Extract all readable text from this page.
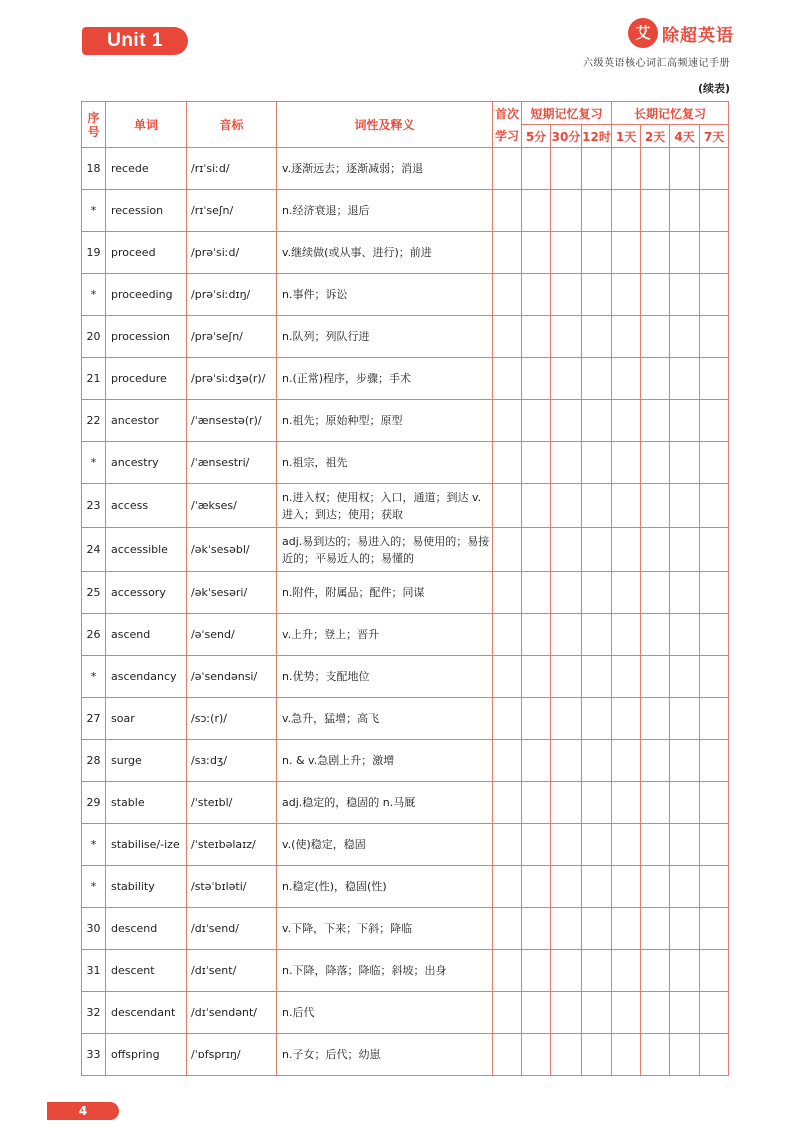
Unit 1	艾 除超英语
六级英语核心词汇高频速记手册
(续表)
序号	单词	音标	词性及释义	首次	短期记忆复习			长期记忆复习			
				学习	5分	30分	12时	1天	2天	4天	7天
18	recede	/rɪˈsiːd/	v.逐渐远去；逐渐减弱；消退								
*	recession	/rɪˈseʃn/	n.经济衰退；退后								
19	proceed	/prəˈsiːd/	v.继续做(或从事、进行)；前进								
*	proceeding	/prəˈsiːdɪŋ/	n.事件；诉讼								
20	procession	/prəˈseʃn/	n.队列；列队行进								
21	procedure	/prəˈsiːdʒə(r)/	n.(正常)程序，步骤；手术								
22	ancestor	/ˈænsestə(r)/	n.祖先；原始种型；原型								
*	ancestry	/ˈænsestri/	n.祖宗，祖先								
23	access	/ˈækses/	n.进入权；使用权；入口，通道；到达 v.进入；到达；使用；获取								
24	accessible	/əkˈsesəbl/	adj.易到达的；易进入的；易使用的；易接近的；平易近人的；易懂的								
25	accessory	/əkˈsesəri/	n.附件，附属品；配件；同谋								
26	ascend	/əˈsend/	v.上升；登上；晋升								
*	ascendancy	/əˈsendənsi/	n.优势；支配地位								
27	soar	/sɔː(r)/	v.急升，猛增；高飞								
28	surge	/sɜːdʒ/	n. & v.急剧上升；激增								
29	stable	/ˈsteɪbl/	adj.稳定的，稳固的 n.马厩								
*	stabilise/-ize	/ˈsteɪbəlaɪz/	v.(使)稳定，稳固								
*	stability	/stəˈbɪləti/	n.稳定(性)，稳固(性)								
30	descend	/dɪˈsend/	v.下降，下来；下斜；降临								
31	descent	/dɪˈsent/	n.下降，降落；降临；斜坡；出身								
32	descendant	/dɪˈsendənt/	n.后代								
33	offspring	/ˈɒfsprɪŋ/	n.子女；后代；幼崽								
4
